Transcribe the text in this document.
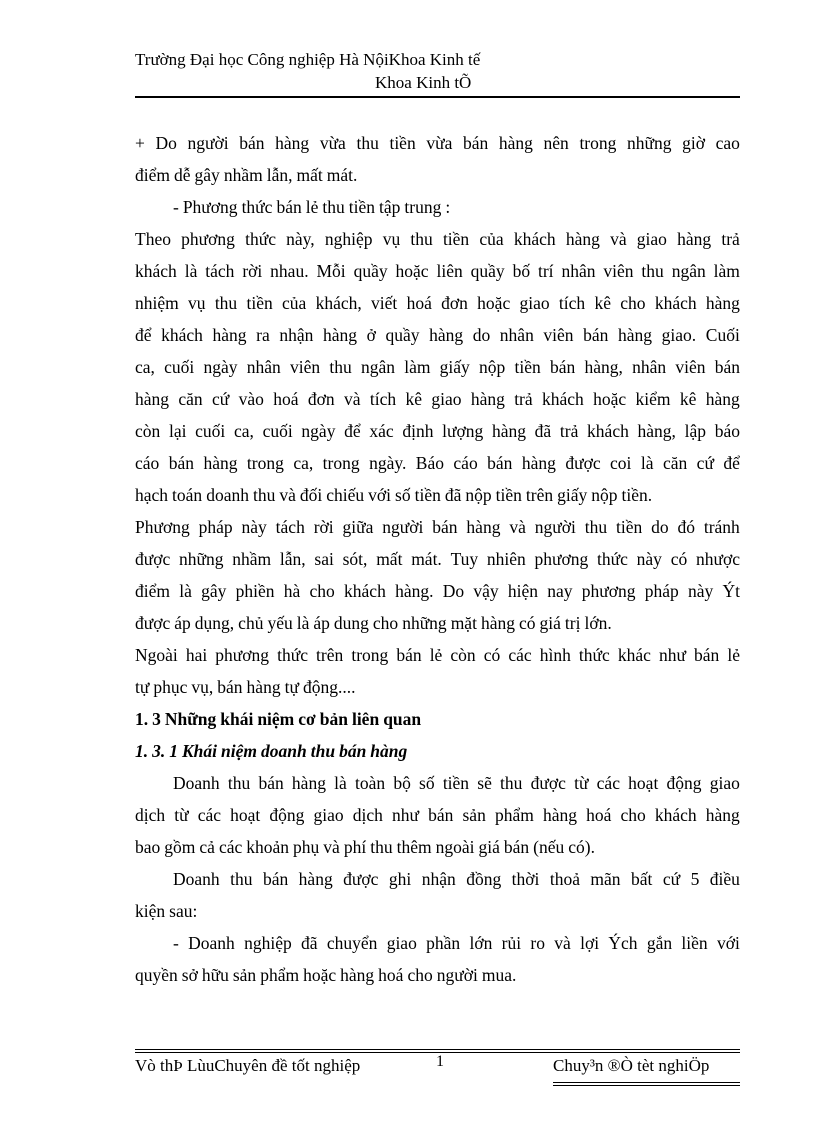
Trường Đại học Công nghiệp Hà NộiKhoa Kinh tế
Khoa Kinh tÕ
+ Do người bán hàng vừa thu tiền vừa bán hàng nên trong những giờ cao
điểm dễ gây nhầm lẫn, mất mát.
- Phương thức bán lẻ thu tiền tập trung :
Theo phương thức này, nghiệp vụ thu tiền của khách hàng và giao hàng trả
khách là tách rời nhau. Mỗi quầy hoặc liên quầy bố trí nhân viên thu ngân làm
nhiệm vụ thu tiền của khách, viết hoá đơn hoặc giao tích kê cho khách hàng
để khách hàng ra nhận hàng ở quầy hàng do nhân viên bán hàng giao. Cuối
ca, cuối ngày nhân viên thu ngân làm giấy nộp tiền bán hàng, nhân viên bán
hàng căn cứ vào hoá đơn và tích kê giao hàng trả khách hoặc kiểm kê hàng
còn lại cuối ca, cuối ngày để xác định lượng hàng đã trả khách hàng, lập báo
cáo bán hàng trong ca, trong ngày. Báo cáo bán hàng được coi là căn cứ để
hạch toán doanh thu và đối chiếu với số tiền đã nộp tiền trên giấy nộp tiền.
Phương pháp này tách rời giữa người bán hàng và người thu tiền do đó tránh
được những nhầm lẫn, sai sót, mất mát. Tuy nhiên phương thức này có nhược
điểm là gây phiền hà cho khách hàng. Do vậy hiện nay phương pháp này Ýt
được áp dụng, chủ yếu là áp dung cho những mặt hàng có giá trị lớn.
Ngoài hai phương thức trên trong bán lẻ còn có các hình thức khác như bán lẻ
tự phục vụ, bán hàng tự động....
1. 3 Những khái niệm cơ bản liên quan
1. 3. 1 Khái niệm doanh thu bán hàng
Doanh thu bán hàng là toàn bộ số tiền sẽ thu được từ các hoạt động giao
dịch từ các hoạt động giao dịch như bán sản phẩm hàng hoá cho khách hàng
bao gồm cả các khoản phụ và phí thu thêm ngoài giá bán (nếu có).
Doanh thu bán hàng được ghi nhận đồng thời thoả mãn bất cứ 5 điều
kiện sau:
- Doanh nghiệp đã chuyển giao phần lớn rủi ro và lợi Ých gắn liền với
quyền sở hữu sản phẩm hoặc hàng hoá cho người mua.
Vò thÞ LùuChuyên đề tốt nghiệp	1	Chuy³n ®Ò tèt nghiÖp
